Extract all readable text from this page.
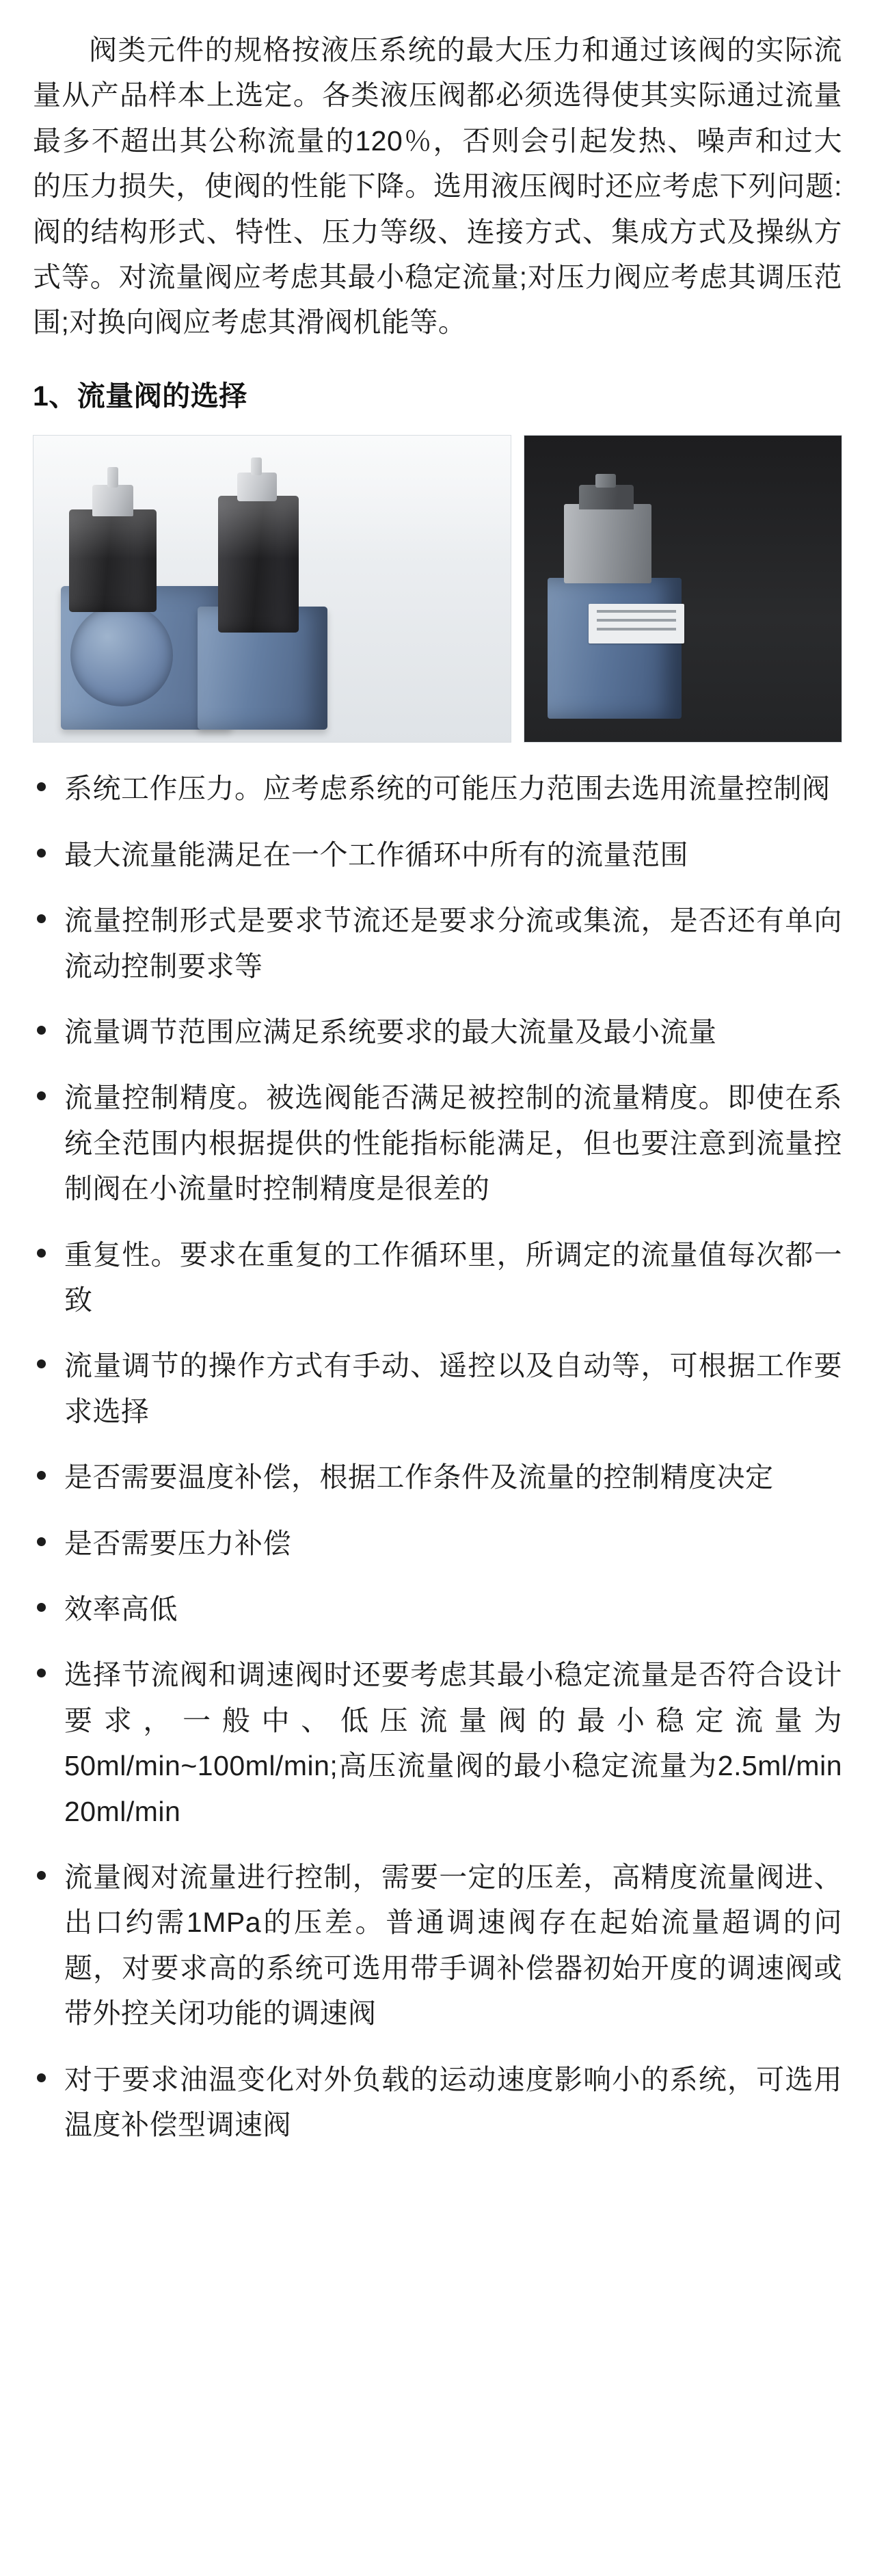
阀类元件的规格按液压系统的最大压力和通过该阀的实际流量从产品样本上选定。各类液压阀都必须选得使其实际通过流量最多不超出其公称流量的120％，否则会引起发热、噪声和过大的压力损失，使阀的性能下降。选用液压阀时还应考虑下列问题:阀的结构形式、特性、压力等级、连接方式、集成方式及操纵方式等。对流量阀应考虑其最小稳定流量;对压力阀应考虑其调压范围;对换向阀应考虑其滑阀机能等。

1、流量阀的选择
系统工作压力。应考虑系统的可能压力范围去选用流量控制阀
最大流量能满足在一个工作循环中所有的流量范围
流量控制形式是要求节流还是要求分流或集流，是否还有单向流动控制要求等
流量调节范围应满足系统要求的最大流量及最小流量
流量控制精度。被选阀能否满足被控制的流量精度。即使在系统全范围内根据提供的性能指标能满足，但也要注意到流量控制阀在小流量时控制精度是很差的
重复性。要求在重复的工作循环里，所调定的流量值每次都一致
流量调节的操作方式有手动、遥控以及自动等，可根据工作要求选择
是否需要温度补偿，根据工作条件及流量的控制精度决定
是否需要压力补偿
效率高低
选择节流阀和调速阀时还要考虑其最小稳定流量是否符合设计要求，一般中、低压流量阀的最小稳定流量为50ml/min~100ml/min;高压流量阀的最小稳定流量为2.5ml/min 20ml/min
流量阀对流量进行控制，需要一定的压差，高精度流量阀进、出口约需1MPa的压差。普通调速阀存在起始流量超调的问题，对要求高的系统可选用带手调补偿器初始开度的调速阀或带外控关闭功能的调速阀
对于要求油温变化对外负载的运动速度影响小的系统，可选用温度补偿型调速阀
